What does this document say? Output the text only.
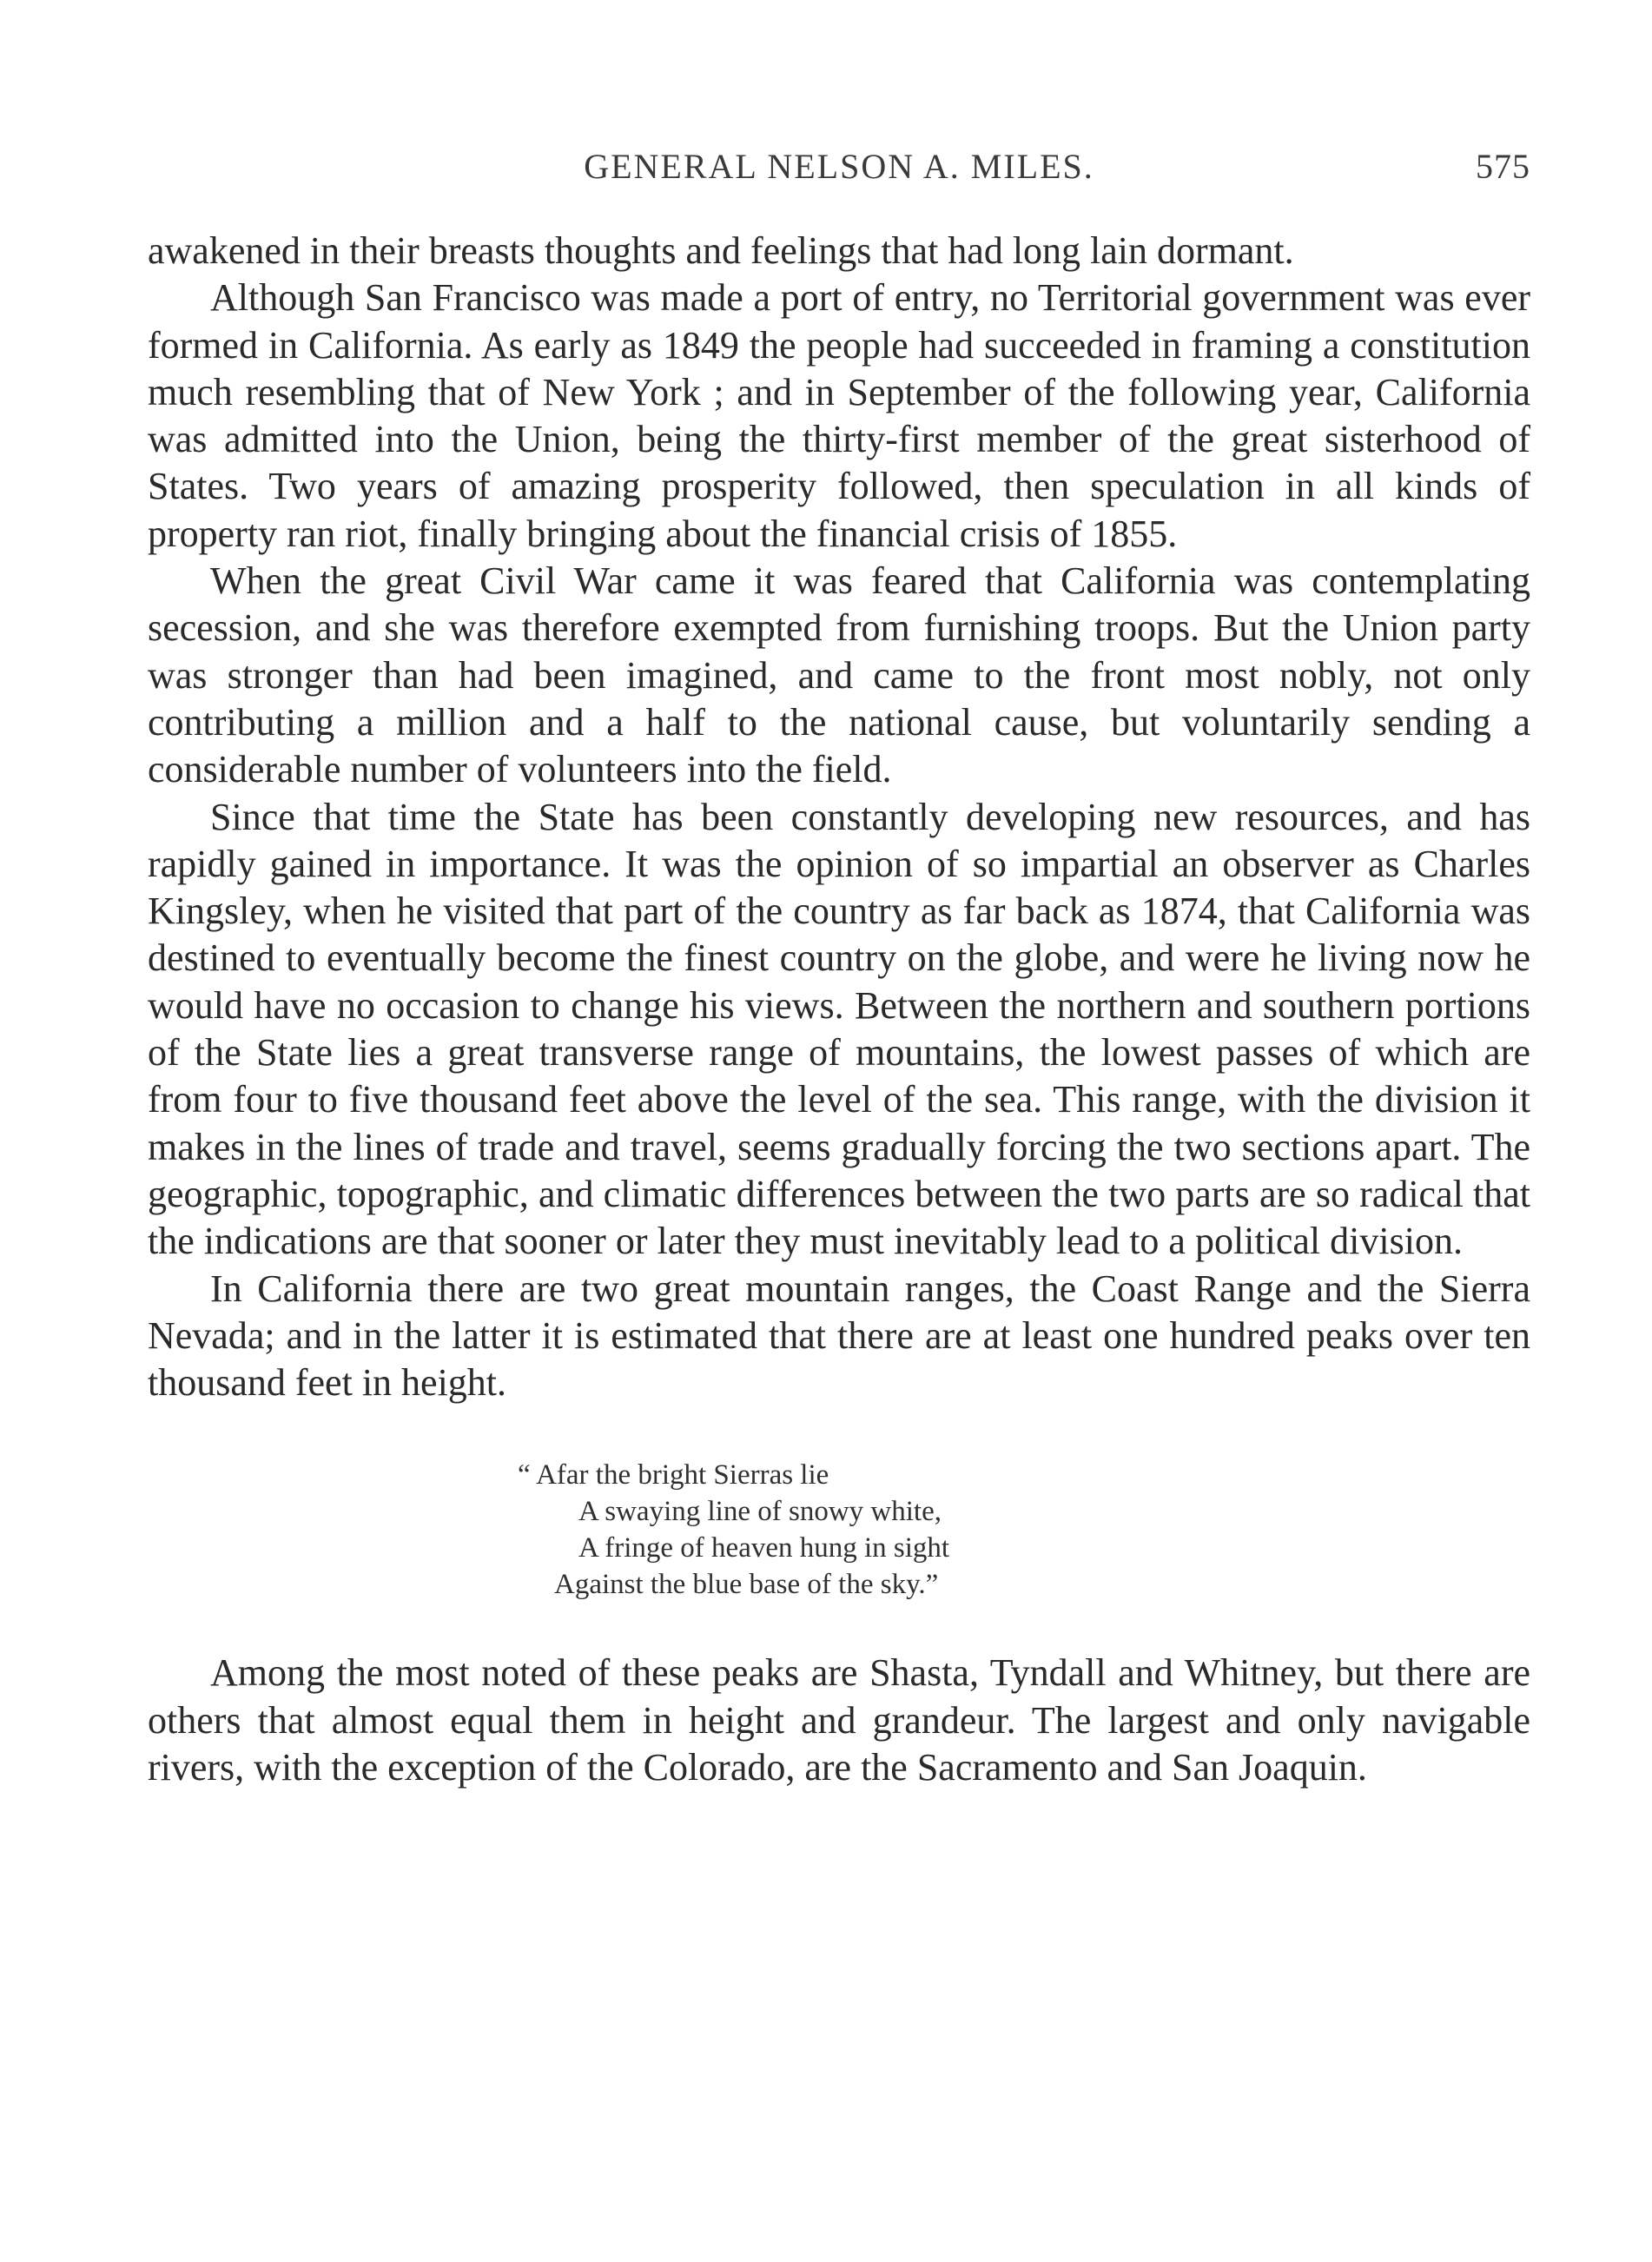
GENERAL NELSON A. MILES.	575

awakened in their breasts thoughts and feelings that had long lain dormant.

Although San Francisco was made a port of entry, no Territorial government was ever formed in California. As early as 1849 the people had succeeded in framing a constitution much resembling that of New York ; and in September of the following year, California was admitted into the Union, being the thirty-first member of the great sisterhood of States. Two years of amazing prosperity followed, then speculation in all kinds of property ran riot, finally bringing about the financial crisis of 1855.

When the great Civil War came it was feared that California was contemplating secession, and she was therefore exempted from furnishing troops. But the Union party was stronger than had been imagined, and came to the front most nobly, not only contributing a million and a half to the national cause, but voluntarily sending a considerable number of volunteers into the field.

Since that time the State has been constantly developing new resources, and has rapidly gained in importance. It was the opinion of so impartial an observer as Charles Kingsley, when he visited that part of the country as far back as 1874, that California was destined to eventually become the finest country on the globe, and were he living now he would have no occasion to change his views. Between the northern and southern portions of the State lies a great transverse range of mountains, the lowest passes of which are from four to five thousand feet above the level of the sea. This range, with the division it makes in the lines of trade and travel, seems gradually forcing the two sections apart. The geographic, topographic, and climatic differences between the two parts are so radical that the indications are that sooner or later they must inevitably lead to a political division.

In California there are two great mountain ranges, the Coast Range and the Sierra Nevada; and in the latter it is estimated that there are at least one hundred peaks over ten thousand feet in height.

“ Afar the bright Sierras lie
A swaying line of snowy white,
A fringe of heaven hung in sight
Against the blue base of the sky.”

Among the most noted of these peaks are Shasta, Tyndall and Whitney, but there are others that almost equal them in height and grandeur. The largest and only navigable rivers, with the exception of the Colorado, are the Sacramento and San Joaquin.
